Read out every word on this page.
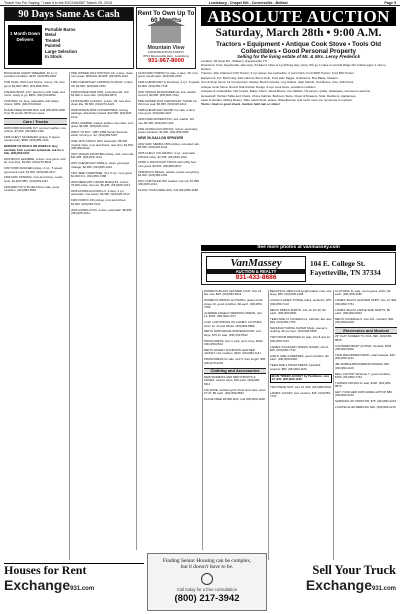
Thank You For Saying, "I saw it in the EXCHANGE" March 25, 2015	Lewisburg - Chapel Hill - Cornersville - Belfast	Page 5
90 Days Same As Cash
1 Month Down Delivers
Portable Barns
Metal
Treated
Painted
Large Selection
In Stock
Rent To Own Up To
Mountain View
CONSTRUCTION SUPPLY
8701 Mooresville Hwy., Lewisburg
931-967-8000
ABSOLUTE AUCTION
Saturday, March 28th • 9:00 A.M.
Tractors • Equipment • Antique Cook Stove • Tools Old Collectibles • Good Personal Property
Selling for the living estate of Mr. & Mrs. Leroy Frederick

Location: 84 Kane Rd., Mulberry (Fayetteville) TN

Directions: From Fayetteville, take Hwy. 64 East 2 miles to Lynchburg Hwy. (Hwy. 50) go 3 miles to Central Ridge Rd. Follow signs 1 mile to auction.

Tractors: Allis Chalmers D15 Tractor, 6 cyl. diesel, live hydraulics, 2 point hitch; Ford 3000 Tractor; Ford 800 Tractor.

Equipment: 6 ft. Bush Hog, Disc Harrow, Boom Pole, Post Hole Digger, Cultivators, Box Blade, Mowers.

Tool & Shop Items: Air Compressor, Welder, Bench Grinder, Log Chains, Jack Stands, Tool Boxes, Vice, Drill Press.

Antique Cook Stove: Round Oak Kitchen Range, 6-eye cook stove, excellent condition.

Antiques & Collectibles: Old Crocks, Butter Churn, Wood Boxes, Iron Skillets, Oil Lamps, Quilts, Glassware, Kerosene Lanterns.

Household: Kitchen Table and Chairs, China Cabinet, Bedroom Suite, Chest of Drawers, Sofa, Recliners, Appliances.

Lawn & Garden: Riding Mower, Tiller, Hand Tools, Hoses, Wheelbarrow, and much more too numerous to mention.

Terms: Cash or good check. Auction held rain or shine!

See more photos at vanmassey.com
VanMassey
AUCTION & REALTY
931-433-8686
104 E. College St.
Fayetteville, TN 37334
BUCHANAN CHEST FREEZER, 20 cu. ft., excellent condition, $150. (931)359-6602
FOR SALE: 2002 Ford Taurus, 4-door, V6, runs good, $2,500 OBO. (931)993-5101
FISHING BOAT, 14 ft. aluminum with trailer and motor, ready to go, $950. (931)703-8812
TOW BAR, for Jeep, adjustable with safety chains, $150. (931)703-6622
PLACE FREE WORD ADS, Call (931)359-1188. Over 50 words, $5.00 per week.
Cars / Trucks
2008 FORD ESCAPE XLT, sunroof, leather, nice vehicle, $7,500. (931)993-1442
1995 CHEVY SILVERADO pickup, 5 speed, needs motor, $800. (931)359-7104
BEWARE OF DEALS ON WHEELS: Buy carefully from a private individual, ask for a title. (931)359-5211
2003 BUICK LESABRE, 4-door, runs good, cold air, new tires, $3,250. (931)270-6644
1997 FORD RANGER pickup, 4 cyl., 5 speed, good work truck, $1,500. (931)993-3317
1999 GMC SONOMA, runs and drives, needs work, $1,200 OBO. (931)993-2117
1990 RED TOYOTA CELICA for sale, good condition. (931)993-5562
PRE-OWNED 2012 PONTIAC G6, 4-door, clean, runs great. SPECIAL $6,995. (931)625-1014
1984 CHEVROLET CAPRICE CLASSIC, 4-door, V8, $2,500. (931)993-1552
1998 DODGE RAM 1500, extended cab, 4x4, $4,000 or best offer. (931)993-8870
1978 MALIBU CLASSIC, 2-door, V8, new tires, clean title, $3,500. (931)270-4422
2008 NISSAN 350Z CONVERTIBLE, touring package, absolutely loaded, $12,995. (931)625-1014
2006 LUCERNE, loaded, leather, low miles, runs great, $4,995. (931)625-1014
WANT TO BUY: 1987-1989 Suzuki Samurai, either running or not. (931)993-5187
ONE 1976 CARGO VAN, automatic, 89,000 original miles, runs and drives, new tires, $1,500. (931)993-5112
2007 NISSAN FRONTIER pickup, 4x4, crew cab, $11,995. (931)625-1014
2007 CHEVROLET IMPALA, clean, good gas mileage, $6,995. (931)625-1014
1997 JEEP CHEROKEE, 4x4, 6 cyl., runs good, $2,000 firm. (931)359-7188
2004 MERCURY GRAND MARQUIS, 4-door, 79,000 miles, nice car, $5,495. (931)625-1014
2005 HONDA ACCORD LX, 4-door, 4 cyl., automatic, one owner, $6,495. (931)625-1014
1984 FORD F-150 pickup, runs and drives, $1,500. (931)993-7011
2006 HONDA CIVIC, 4-door, automatic, $5,995. (931)625-1014
1979 FORD TORINO for sale, 2-door, V8, runs good, needs paint. (931)993-2230
1996 CHEVROLET S-10 pickup, 4 cyl., 5 speed, $1,800. (931)359-7728
2001 NISSAN PATHFINDER LE, 4x4, leather, sunroof, $3,995. (931)625-1014
PRE-OWNED 2003 CHEVROLET TAHOE LS, third row seat, $6,995. (931)625-1014
1988 CHEVROLET MALIBU for sale, 4-door, runs good. (931)993-4107
2000 FORD EXPEDITION, 4x4, leather, 3rd row, $4,495. (931)625-1014
1991 HONDA ACCORD EX, 4-door, automatic, power windows, $1,500. (931)359-6640
NEW 30-GALLON SPRAYER
2002 GMC SIERRA 1500 pickup, extended cab, $5,995. (931)625-1014
2005 CHEVY COLORADO, 4 cyl., automatic, 108,000 miles, $7,495. (931)625-1014
FORD F-250 PICKUP TRUCK with utility bed, runs good, $2,500. (931)993-8117
1998 BUICK REGAL, leather, power everything, $2,500. (931)359-1154
2007 CHRYSLER 300, loaded, nice car, $7,995. (931)625-1014
PLACE YOUR FREE ADS, Call (931)359-1188.
WOMEN'S BLACK LEATHER COAT, size 16, like new, $40. (931)993-6014
WOMEN'S SPRING CLOTHING, jacket small, shape 10, good condition, $2 each. (931)359-7452
ALTERED ANGELO WEDDING DRESS, size 14, $150. (931)993-7217
LOW, LOW PRICES ON LADIES' CLOTHES, sizes 12, 14 and Winter. (931)993-8806
MEN'S NORTHFACE WINTERJACKET, size large, $75 for sale. (931)703-5512
PROM DRESS, size 4, pink, worn once, $100. (931)359-6612
MEN'S HARLEY DAVIDSON LEATHER JACKET, size medium, $100. (931)993-1141
PROM DRESS for sale, size 5, floor length, $50. (931)270-2233
Clothing and Accessories
NEW WOMEN'S AND MEN'S BOOTS & SHOES, various sizes, $15 each. (931)993-8114
KID ZONE, Carhartt girl's shirts and coats, sizes 2T-4T, $5 each. (931)359-8832
PLACE FREE WORD ADS, Call (931)359-1188.
BEAUTIFUL MEN'S full-length leather coat, size large, $50. (931)993-1108
COACH LADIES' PURSE, black, authentic, $75. (931)359-7122
MEN'S DRESS SHIRTS, size 16 1/2-33, $3 each. (931)993-8811
TEEN SIZE 14 COVERALLS, Carhartt, like new, $25. (931)359-7760
MANUFACTURING SUPER SALE, women's clothing, $2 per item. (931)993-5508
TWO PROM DRESSES for sale, size 8 and 12. (931)359-7212
LADIES' DUCKSKIN TENNIS SHOES, size 9, $25. (931)993-7730
GIRLS' SIZE 4 DRESSES, good condition, $2 each. (931)359-5008
TEEN SIZE 4 PROM DRESS, beautiful, sequins, $80. (931)993-1106
BLUE TWEED JACKET by Pendleton, size 12, $40. (931)993-1138
TWO PIECE SUIT, size 16, $40. (931)993-6544
LADIES' JACKET, size medium, $15. (931)359-7702
CLOTHING for sale, men's jeans, shirts, $2 each. (931)359-4180
LADIES' BLACK LEATHER SKIRT, size 10, $20. (931)993-7761
LADIES' BLACK LARGE SIZE SKIRTS, $5 each. (931)993-6622
MEN'S COVERALLS, size 2XL, Carhartt, $30. (931)359-6018
Electronics and Musical
29" FLAT SCREEN TV, RCA, $30. (931)993-8819
CONTEMPORARY GUITAR, Yamaha, $150. (931)993-5502
TAPE RECORDER RADIO, dual cassette, $15. (931)359-1134
JBL MOBILE BROADBAND MODEM, $20. (931)993-1146
DELL LAPTOP, Windows 7, good condition, $150. (931)993-7742
THOMAS ORGAN for sale, $100. (931)359-8870
GET YOUR HER OWN DARE LAPTOP, $80. (931)993-2216
SAMSUNG 32" MONITOR, $75. (931)993-2219
LOGITECH HD WEBCAM, $20. (931)993-2219
Houses for Rent
Exchange931.com
Finding Senior Housing can be complex,
but it doesn't have to be.
Call today for a free consultation
(800) 217-3942
Sell Your Truck
Exchange931.com
